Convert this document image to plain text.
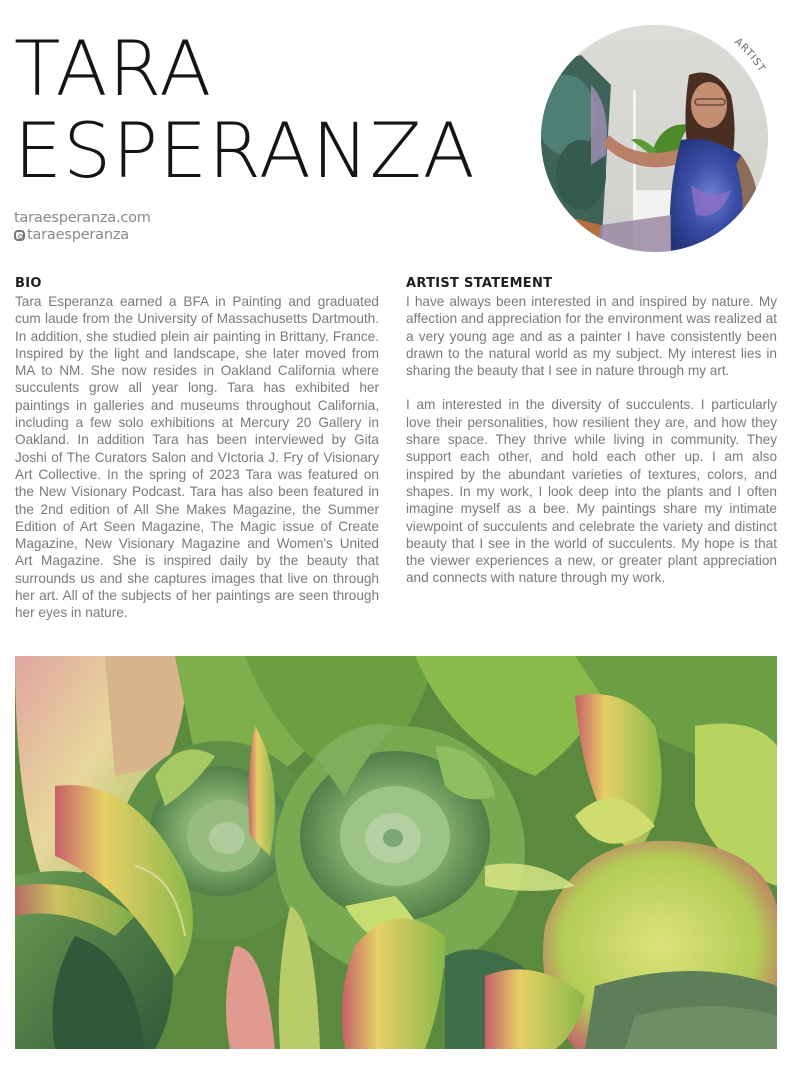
TARA
ESPERANZA
taraesperanza.com
taraesperanza
ARTIST
BIO

Tara Esperanza earned a BFA in Painting and graduated cum laude from the University of Massachusetts Dartmouth. In addition, she studied plein air painting in Brittany, France. Inspired by the light and landscape, she later moved from MA to NM. She now resides in Oakland California where succulents grow all year long. Tara has exhibited her paintings in galleries and museums throughout California, including a few solo exhibitions at Mercury 20 Gallery in Oakland. In addition Tara has been interviewed by Gita Joshi of The Curators Salon and VIctoria J. Fry of Visionary Art Collective. In the spring of 2023 Tara was featured on the New Visionary Podcast. Tara has also been featured in the 2nd edition of All She Makes Magazine, the Summer Edition of Art Seen Magazine, The Magic issue of Create Magazine, New Visionary Magazine and Women's United Art Magazine. She is inspired daily by the beauty that surrounds us and she captures images that live on through her art. All of the subjects of her paintings are seen through her eyes in nature.

ARTIST STATEMENT

I have always been interested in and inspired by nature. My affection and appreciation for the environment was realized at a very young age and as a painter I have consistently been drawn to the natural world as my subject. My interest lies in sharing the beauty that I see in nature through my art.

I am interested in the diversity of succulents. I particularly love their personalities, how resilient they are, and how they share space. They thrive while living in community. They support each other, and hold each other up. I am also inspired by the abundant varieties of textures, colors, and shapes. In my work, I look deep into the plants and I often imagine myself as a bee. My paintings share my intimate viewpoint of succulents and celebrate the variety and distinct beauty that I see in the world of succulents. My hope is that the viewer experiences a new, or greater plant appreciation and connects with nature through my work.
